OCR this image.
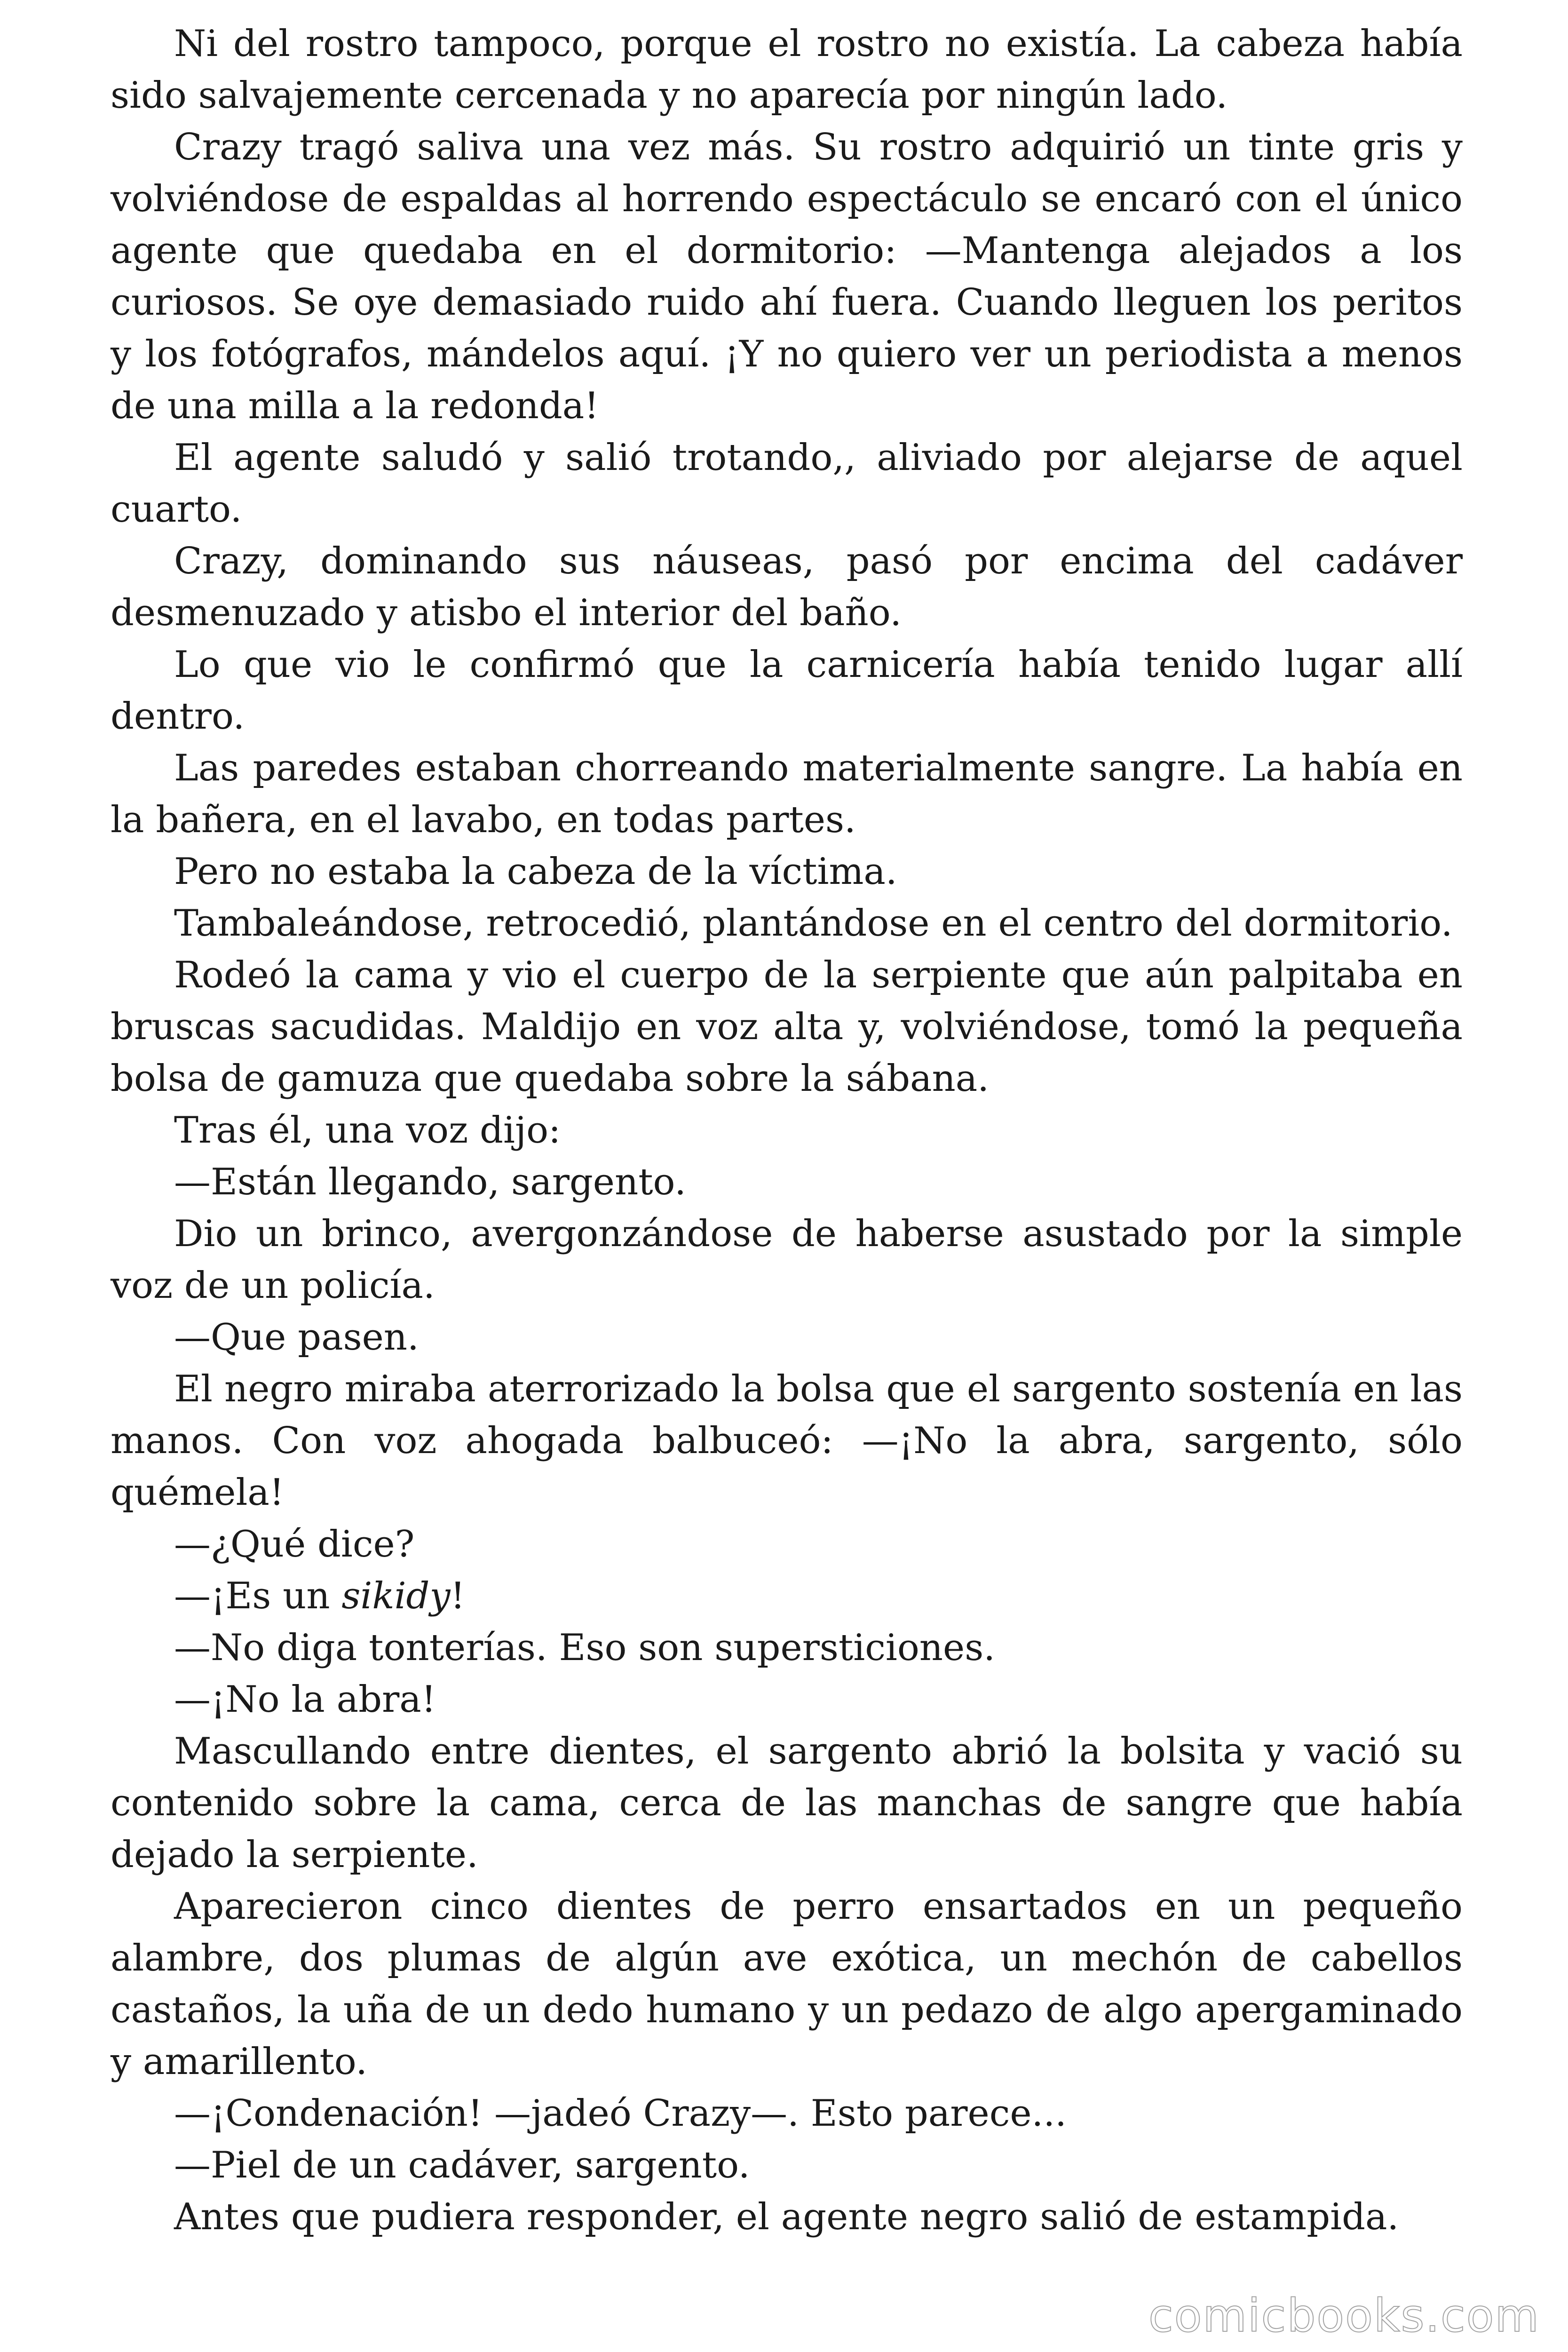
Ni del rostro tampoco, porque el rostro no existía. La cabeza había sido salvajemente cercenada y no aparecía por ningún lado.

Crazy tragó saliva una vez más. Su rostro adquirió un tinte gris y volviéndose de espaldas al horrendo espectáculo se encaró con el único agente que quedaba en el dormitorio: —Mantenga alejados a los curiosos. Se oye demasiado ruido ahí fuera. Cuando lleguen los peritos y los fotógrafos, mándelos aquí. ¡Y no quiero ver un periodista a menos de una milla a la redonda!

El agente saludó y salió trotando,, aliviado por alejarse de aquel cuarto.

Crazy, dominando sus náuseas, pasó por encima del cadáver desmenuzado y atisbo el interior del baño.

Lo que vio le confirmó que la carnicería había tenido lugar allí dentro.

Las paredes estaban chorreando materialmente sangre. La había en la bañera, en el lavabo, en todas partes.

Pero no estaba la cabeza de la víctima.

Tambaleándose, retrocedió, plantándose en el centro del dormitorio.

Rodeó la cama y vio el cuerpo de la serpiente que aún palpitaba en bruscas sacudidas. Maldijo en voz alta y, volviéndose, tomó la pequeña bolsa de gamuza que quedaba sobre la sábana.

Tras él, una voz dijo:

—Están llegando, sargento.

Dio un brinco, avergonzándose de haberse asustado por la simple voz de un policía.

—Que pasen.

El negro miraba aterrorizado la bolsa que el sargento sostenía en las manos. Con voz ahogada balbuceó: —¡No la abra, sargento, sólo quémela!

—¿Qué dice?

—¡Es un sikidy!

—No diga tonterías. Eso son supersticiones.

—¡No la abra!

Mascullando entre dientes, el sargento abrió la bolsita y vació su contenido sobre la cama, cerca de las manchas de sangre que había dejado la serpiente.

Aparecieron cinco dientes de perro ensartados en un pequeño alambre, dos plumas de algún ave exótica, un mechón de cabellos castaños, la uña de un dedo humano y un pedazo de algo apergaminado y amarillento.

—¡Condenación! —jadeó Crazy—. Esto parece...

—Piel de un cadáver, sargento.

Antes que pudiera responder, el agente negro salió de estampida.

comicbooks.com
